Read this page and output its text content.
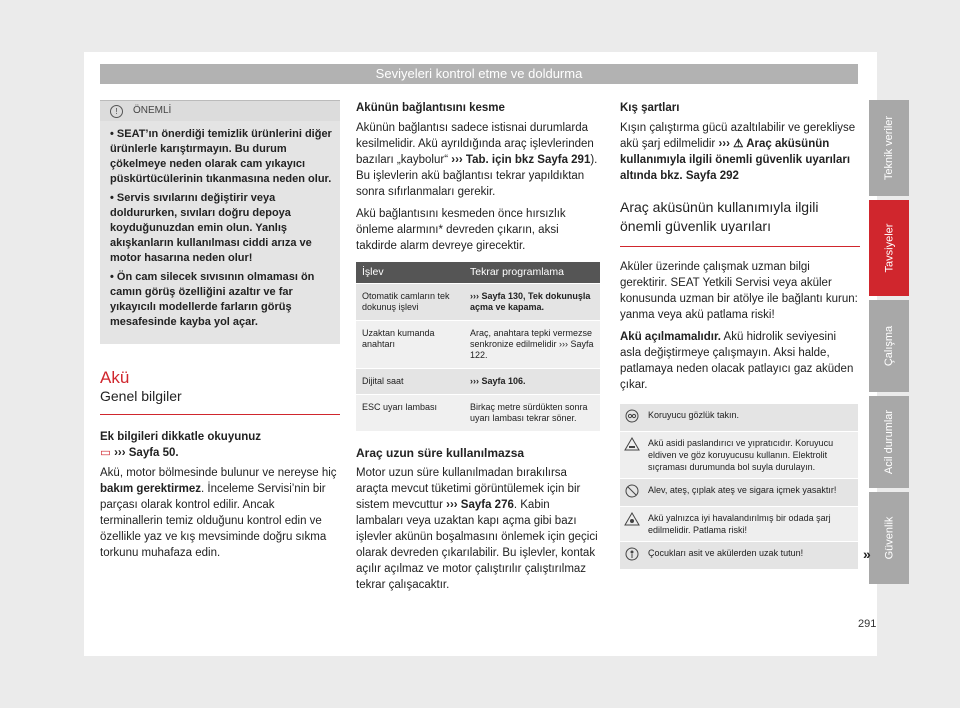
Seviyeleri kontrol etme ve doldurma
Teknik veriler
Tavsiyeler
Çalışma
Acil durumlar
Güvenlik
291
!	ÖNEMLİ

• SEAT’ın önerdiği temizlik ürünlerini diğer ürünlerle karıştırmayın. Bu durum çökelmeye neden olarak cam yıkayıcı püskürtücülerinin tıkanmasına neden olur.

• Servis sıvılarını değiştirir veya doldururken, sıvıları doğru depoya koyduğunuzdan emin olun. Yanlış akışkanların kullanılması ciddi arıza ve motor hasarına neden olur!

• Ön cam silecek sıvısının olmaması ön camın görüş özelliğini azaltır ve far yıkayıcılı modellerde farların görüş mesafesinde kayba yol açar.

Akü
Genel bilgiler

Ek bilgileri dikkatle okuyunuz

▭ ››› Sayfa 50.

Akü, motor bölmesinde bulunur ve nereyse hiç bakım gerektirmez. İnceleme Servisi’nin bir parçası olarak kontrol edilir. Ancak terminallerin temiz olduğunu kontrol edin ve özellikle yaz ve kış mevsiminde doğru sıkma torkunu muhafaza edin.

Akünün bağlantısını kesme

Akünün bağlantısı sadece istisnai durumlarda kesilmelidir. Akü ayrıldığında araç işlevlerinden bazıları „kaybolur“ ››› Tab. için bkz Sayfa 291). Bu işlevlerin akü bağlantısı tekrar yapıldıktan sonra sıfırlanmaları gerekir.

Akü bağlantısını kesmeden önce hırsızlık önleme alarmını* devreden çıkarın, aksi takdirde alarm devreye girecektir.

İşlev	Tekrar programlama
Otomatik camların tek dokunuş işlevi	››› Sayfa 130, Tek dokunuşla açma ve kapama.
Uzaktan kumanda anahtarı	Araç, anahtara tepki vermezse senkronize edilmelidir ››› Sayfa 122.
Dijital saat	››› Sayfa 106.
ESC uyarı lambası	Birkaç metre sürdükten sonra uyarı lambası tekrar söner.

Araç uzun süre kullanılmazsa

Motor uzun süre kullanılmadan bırakılırsa araçta mevcut tüketimi görüntülemek için bir sistem mevcuttur ››› Sayfa 276. Kabin lambaları veya uzaktan kapı açma gibi bazı işlevler akünün boşalmasını önlemek için geçici olarak devreden çıkarılabilir. Bu işlevler, kontak açılır açılmaz ve motor çalıştırılır çalıştırılmaz tekrar çalışacaktır.

Kış şartları

Kışın çalıştırma gücü azaltılabilir ve gerekliyse akü şarj edilmelidir ››› ⚠ Araç aküsünün kullanımıyla ilgili önemli güvenlik uyarıları altında bkz. Sayfa 292

Araç aküsünün kullanımıyla ilgili önemli güvenlik uyarıları

Aküler üzerinde çalışmak uzman bilgi gerektirir. SEAT Yetkili Servisi veya aküler konusunda uzman bir atölye ile bağlantı kurun: yanma veya akü patlama riski!

Akü açılmamalıdır. Akü hidrolik seviyesini asla değiştirmeye çalışmayın. Aksi halde, patlamaya neden olacak patlayıcı gaz aküden çıkar.

Koruyucu gözlük takın.
Akü asidi paslandırıcı ve yıpratıcıdır. Koruyucu eldiven ve göz koruyucusu kullanın. Elektrolit sıçraması durumunda bol suyla durulayın.
Alev, ateş, çıplak ateş ve sigara içmek yasaktır!
Akü yalnızca iyi havalandırılmış bir odada şarj edilmelidir. Patlama riski!
Çocukları asit ve akülerden uzak tutun!	»
